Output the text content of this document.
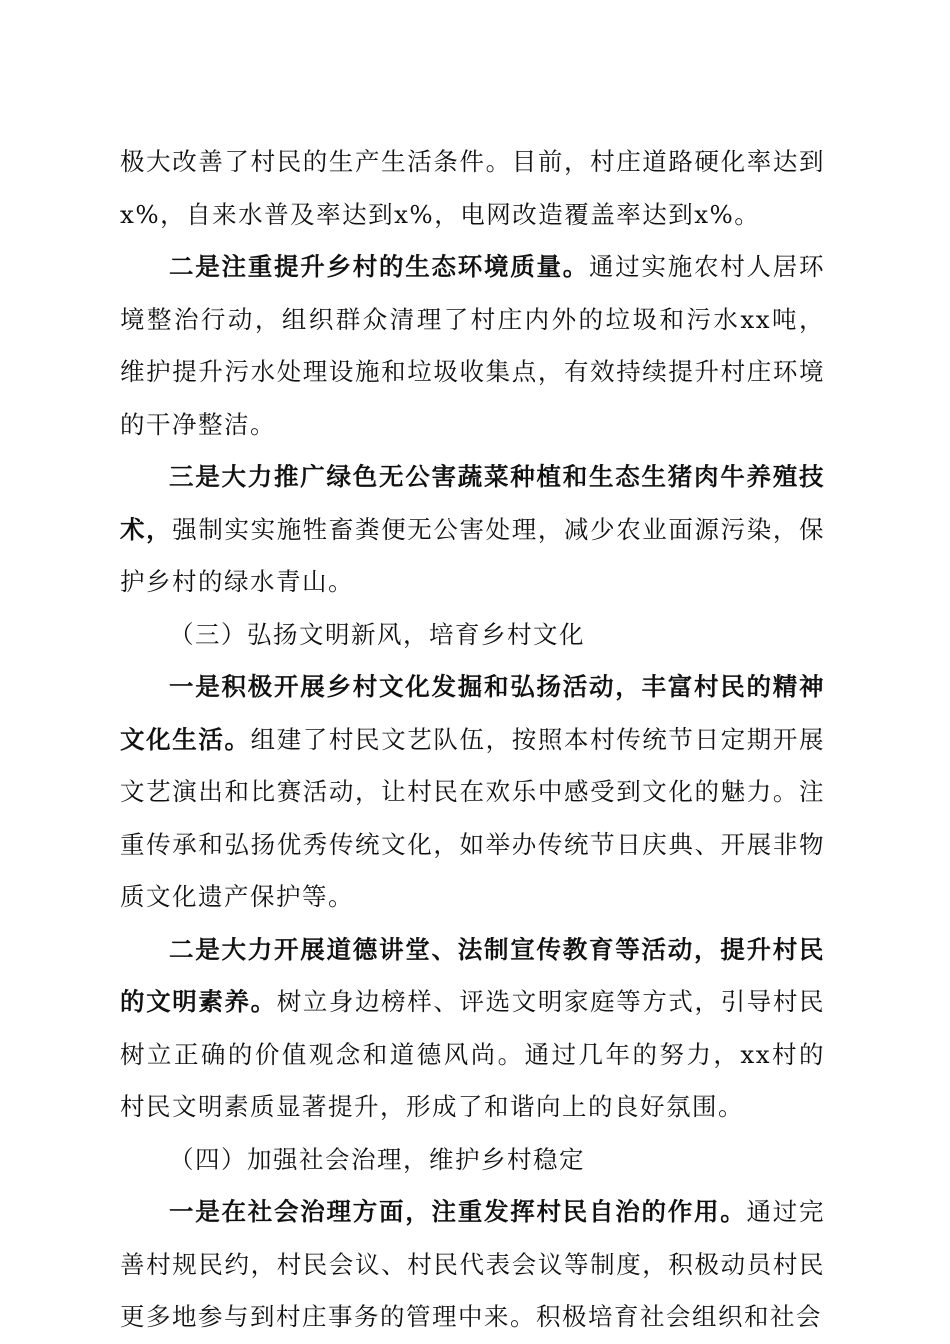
极大改善了村民的生产生活条件。目前，村庄道路硬化率达到x%，自来水普及率达到x%，电网改造覆盖率达到x%。

二是注重提升乡村的生态环境质量。通过实施农村人居环境整治行动，组织群众清理了村庄内外的垃圾和污水xx吨，维护提升污水处理设施和垃圾收集点，有效持续提升村庄环境的干净整洁。

三是大力推广绿色无公害蔬菜种植和生态生猪肉牛养殖技术，强制实实施牲畜粪便无公害处理，减少农业面源污染，保护乡村的绿水青山。

（三）弘扬文明新风，培育乡村文化

一是积极开展乡村文化发掘和弘扬活动，丰富村民的精神文化生活。组建了村民文艺队伍，按照本村传统节日定期开展文艺演出和比赛活动，让村民在欢乐中感受到文化的魅力。注重传承和弘扬优秀传统文化，如举办传统节日庆典、开展非物质文化遗产保护等。

二是大力开展道德讲堂、法制宣传教育等活动，提升村民的文明素养。树立身边榜样、评选文明家庭等方式，引导村民树立正确的价值观念和道德风尚。通过几年的努力，xx村的村民文明素质显著提升，形成了和谐向上的良好氛围。

（四）加强社会治理，维护乡村稳定

一是在社会治理方面，注重发挥村民自治的作用。通过完善村规民约，村民会议、村民代表会议等制度，积极动员村民更多地参与到村庄事务的管理中来。积极培育社会组织和社会
